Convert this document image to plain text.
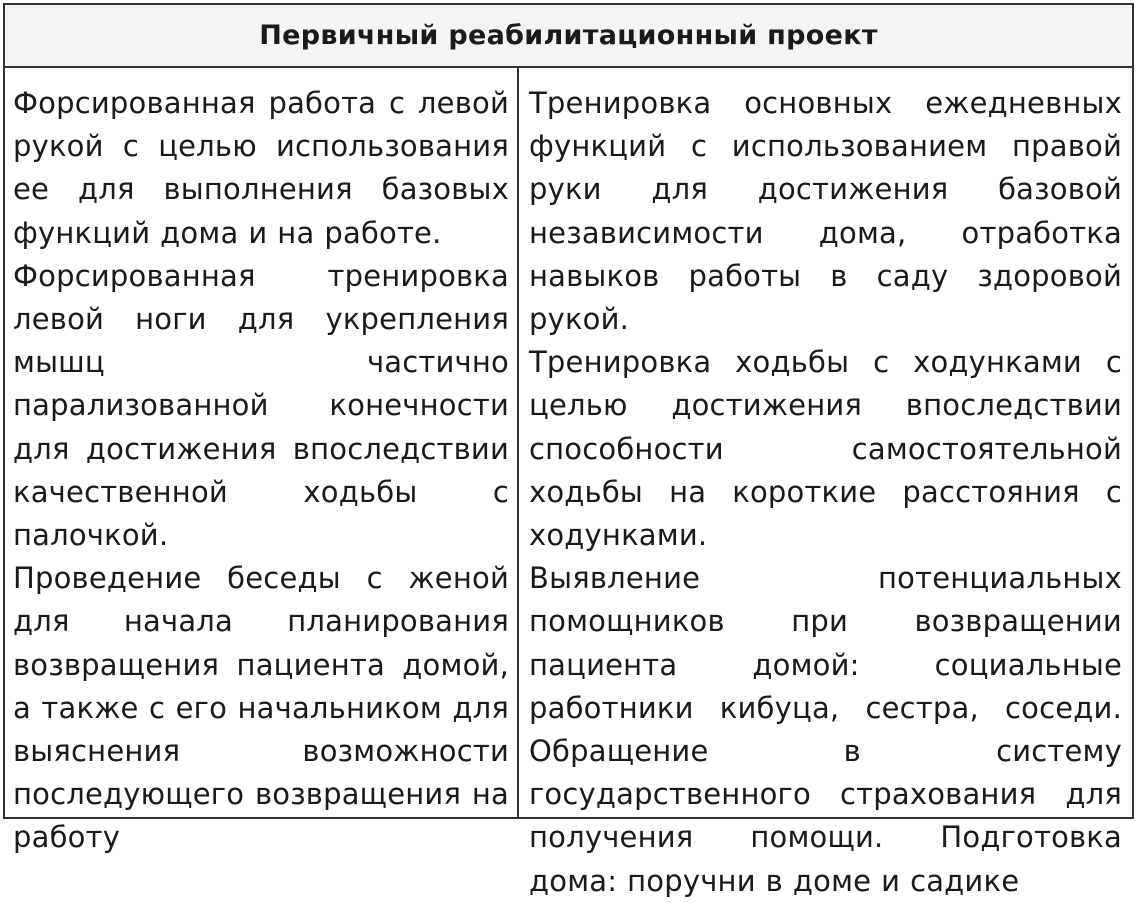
Первичный реабилитационный проект

Форсированная работа с левой рукой с целью использования ее для выполнения базовых функций дома и на работе.

Форсированная тренировка левой ноги для укрепления мышц частично парализованной конечности для достижения впоследствии качественной ходьбы с палочкой.

Проведение беседы с женой для начала планирования возвращения пациента домой, а также с его начальником для выяснения возможности последующего возвращения на работу

Тренировка основных ежедневных функций с использованием правой руки для достижения базовой независимости дома, отработка навыков работы в саду здоровой рукой.

Тренировка ходьбы с ходунками с целью достижения впоследствии способности самостоятельной ходьбы на короткие расстояния с ходунками.

Выявление потенциальных помощников при возвращении пациента домой: социальные работники кибуца, сестра, соседи. Обращение в систему государственного страхования для получения помощи. Подготовка дома: поручни в доме и садике
